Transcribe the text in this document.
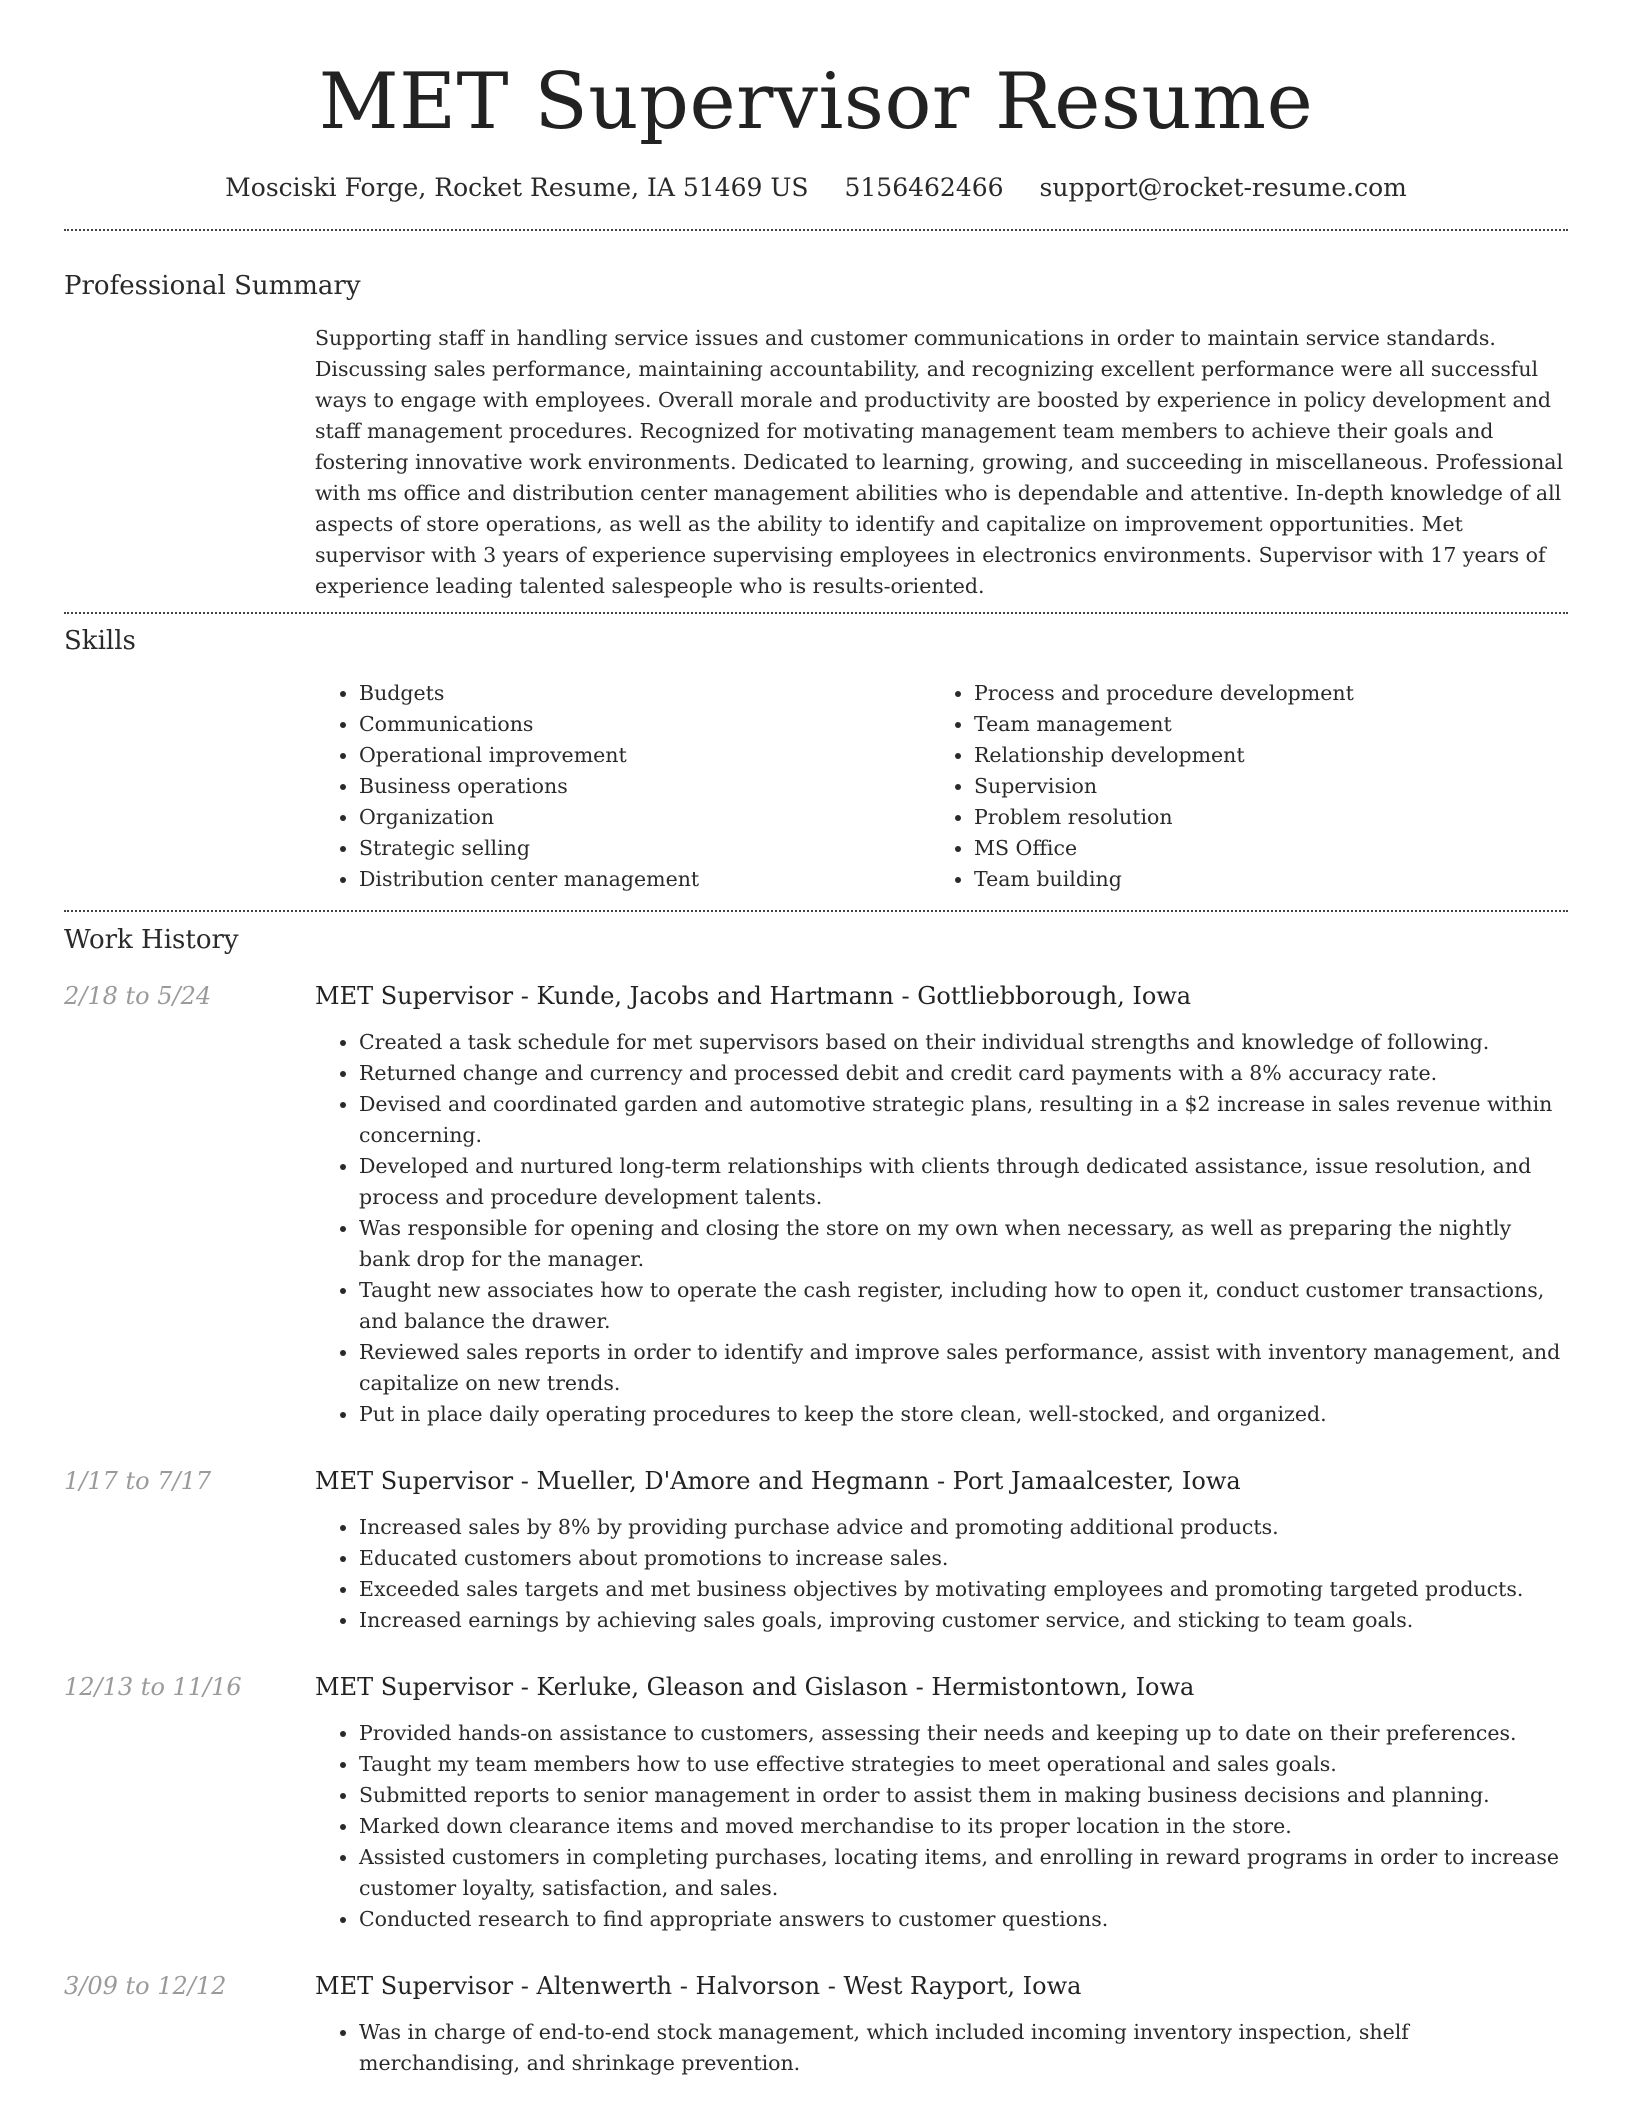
MET Supervisor Resume
Mosciski Forge, Rocket Resume, IA 51469 US 5156462466 support@rocket-resume.com
Professional Summary
Supporting staff in handling service issues and customer communications in order to maintain service standards. Discussing sales performance, maintaining accountability, and recognizing excellent performance were all successful ways to engage with employees. Overall morale and productivity are boosted by experience in policy development and staff management procedures. Recognized for motivating management team members to achieve their goals and fostering innovative work environments. Dedicated to learning, growing, and succeeding in miscellaneous. Professional with ms office and distribution center management abilities who is dependable and attentive. In-depth knowledge of all aspects of store operations, as well as the ability to identify and capitalize on improvement opportunities. Met supervisor with 3 years of experience supervising employees in electronics environments. Supervisor with 17 years of experience leading talented salespeople who is results-oriented.
Skills
• Budgets
• Communications
• Operational improvement
• Business operations
• Organization
• Strategic selling
• Distribution center management
• Process and procedure development
• Team management
• Relationship development
• Supervision
• Problem resolution
• MS Office
• Team building
Work History
2/18 to 5/24	MET Supervisor - Kunde, Jacobs and Hartmann - Gottliebborough, Iowa
• Created a task schedule for met supervisors based on their individual strengths and knowledge of following.
• Returned change and currency and processed debit and credit card payments with a 8% accuracy rate.
• Devised and coordinated garden and automotive strategic plans, resulting in a $2 increase in sales revenue within concerning.
• Developed and nurtured long-term relationships with clients through dedicated assistance, issue resolution, and process and procedure development talents.
• Was responsible for opening and closing the store on my own when necessary, as well as preparing the nightly bank drop for the manager.
• Taught new associates how to operate the cash register, including how to open it, conduct customer transactions, and balance the drawer.
• Reviewed sales reports in order to identify and improve sales performance, assist with inventory management, and capitalize on new trends.
• Put in place daily operating procedures to keep the store clean, well-stocked, and organized.
1/17 to 7/17	MET Supervisor - Mueller, D'Amore and Hegmann - Port Jamaalcester, Iowa
• Increased sales by 8% by providing purchase advice and promoting additional products.
• Educated customers about promotions to increase sales.
• Exceeded sales targets and met business objectives by motivating employees and promoting targeted products.
• Increased earnings by achieving sales goals, improving customer service, and sticking to team goals.
12/13 to 11/16	MET Supervisor - Kerluke, Gleason and Gislason - Hermistontown, Iowa
• Provided hands-on assistance to customers, assessing their needs and keeping up to date on their preferences.
• Taught my team members how to use effective strategies to meet operational and sales goals.
• Submitted reports to senior management in order to assist them in making business decisions and planning.
• Marked down clearance items and moved merchandise to its proper location in the store.
• Assisted customers in completing purchases, locating items, and enrolling in reward programs in order to increase customer loyalty, satisfaction, and sales.
• Conducted research to find appropriate answers to customer questions.
3/09 to 12/12	MET Supervisor - Altenwerth - Halvorson - West Rayport, Iowa
• Was in charge of end-to-end stock management, which included incoming inventory inspection, shelf merchandising, and shrinkage prevention.
